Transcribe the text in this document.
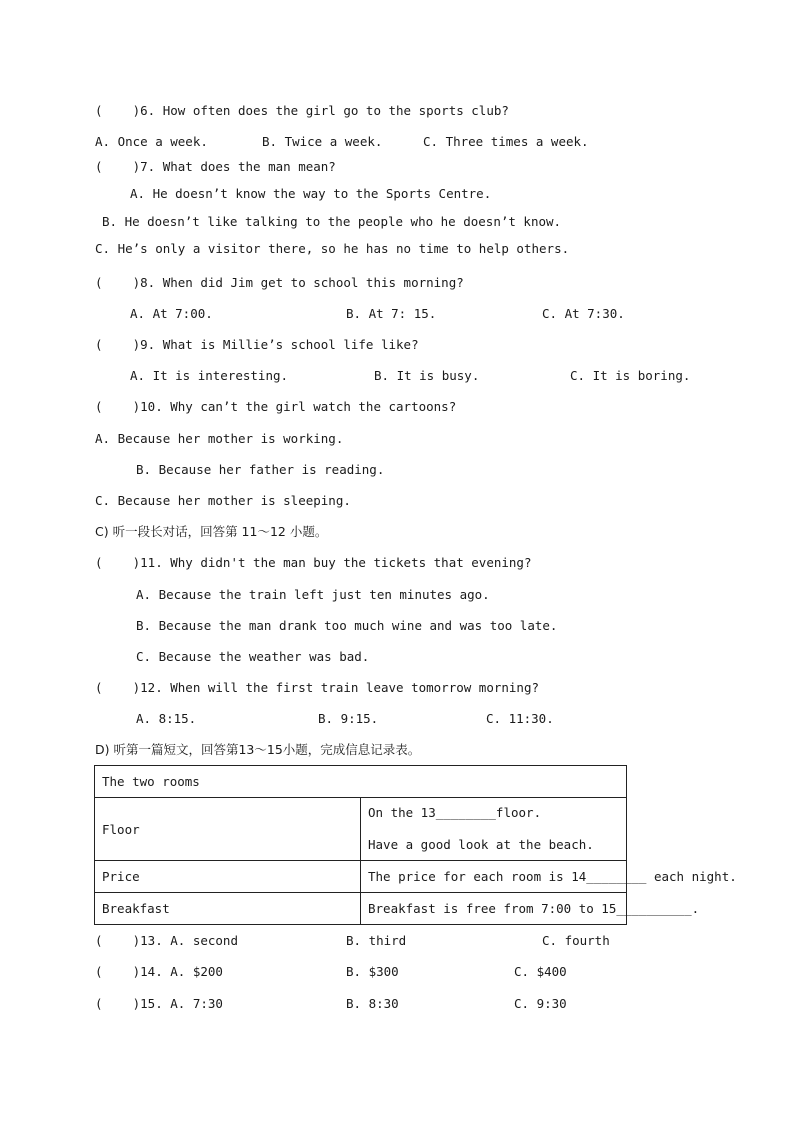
(    )6. How often does the girl go to the sports club?
A. Once a week.	B. Twice a week.	C. Three times a week.
(    )7. What does the man mean?
A. He doesn’t know the way to the Sports Centre.
B. He doesn’t like talking to the people who he doesn’t know.
C. He’s only a visitor there, so he has no time to help others.
(    )8. When did Jim get to school this morning?
A. At 7:00.	B. At 7: 15.	C. At 7:30.
(    )9. What is Millie’s school life like?
A. It is interesting.	B. It is busy.	C. It is boring.
(    )10. Why can’t the girl watch the cartoons?
A. Because her mother is working.
B. Because her father is reading.
C. Because her mother is sleeping.
C) 听一段长对话，回答第 11～12 小题。
(    )11. Why didn't the man buy the tickets that evening?
A. Because the train left just ten minutes ago.
B. Because the man drank too much wine and was too late.
C. Because the weather was bad.
(    )12. When will the first train leave tomorrow morning?
A. 8:15.	B. 9:15.	C. 11:30.
D) 听第一篇短文，回答第13～15小题，完成信息记录表。
The two rooms	
Floor	On the 13________floor.
Have a good look at the beach.

Price	The price for each room is 14________ each night.
Breakfast	Breakfast is free from 7:00 to 15__________.
(    )13. A. second	B. third	C. fourth
(    )14. A. $200	B. $300	C. $400
(    )15. A. 7:30	B. 8:30	C. 9:30
